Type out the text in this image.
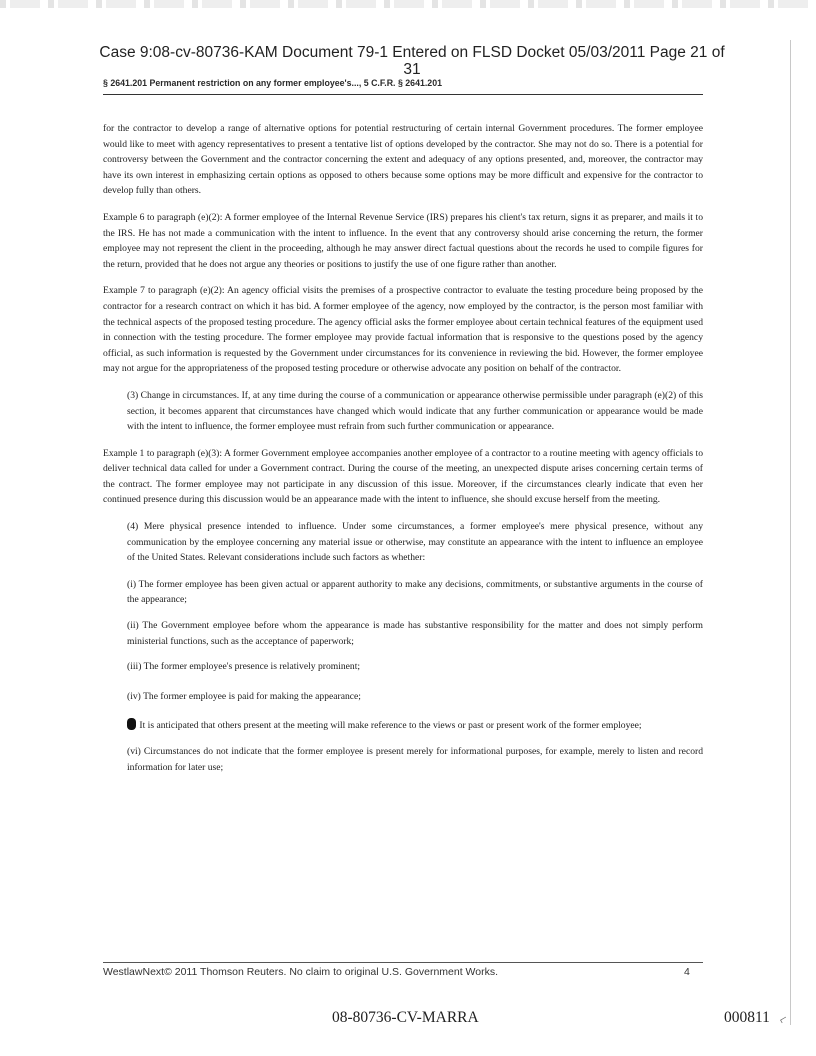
Case 9:08-cv-80736-KAM Document 79-1 Entered on FLSD Docket 05/03/2011 Page 21 of
31
§ 2641.201 Permanent restriction on any former employee's..., 5 C.F.R. § 2641.201

for the contractor to develop a range of alternative options for potential restructuring of certain internal Government procedures. The former employee would like to meet with agency representatives to present a tentative list of options developed by the contractor. She may not do so. There is a potential for controversy between the Government and the contractor concerning the extent and adequacy of any options presented, and, moreover, the contractor may have its own interest in emphasizing certain options as opposed to others because some options may be more difficult and expensive for the contractor to develop fully than others.

Example 6 to paragraph (e)(2): A former employee of the Internal Revenue Service (IRS) prepares his client's tax return, signs it as preparer, and mails it to the IRS. He has not made a communication with the intent to influence. In the event that any controversy should arise concerning the return, the former employee may not represent the client in the proceeding, although he may answer direct factual questions about the records he used to compile figures for the return, provided that he does not argue any theories or positions to justify the use of one figure rather than another.

Example 7 to paragraph (e)(2): An agency official visits the premises of a prospective contractor to evaluate the testing procedure being proposed by the contractor for a research contract on which it has bid. A former employee of the agency, now employed by the contractor, is the person most familiar with the technical aspects of the proposed testing procedure. The agency official asks the former employee about certain technical features of the equipment used in connection with the testing procedure. The former employee may provide factual information that is responsive to the questions posed by the agency official, as such information is requested by the Government under circumstances for its convenience in reviewing the bid. However, the former employee may not argue for the appropriateness of the proposed testing procedure or otherwise advocate any position on behalf of the contractor.

(3) Change in circumstances. If, at any time during the course of a communication or appearance otherwise permissible under paragraph (e)(2) of this section, it becomes apparent that circumstances have changed which would indicate that any further communication or appearance would be made with the intent to influence, the former employee must refrain from such further communication or appearance.

Example 1 to paragraph (e)(3): A former Government employee accompanies another employee of a contractor to a routine meeting with agency officials to deliver technical data called for under a Government contract. During the course of the meeting, an unexpected dispute arises concerning certain terms of the contract. The former employee may not participate in any discussion of this issue. Moreover, if the circumstances clearly indicate that even her continued presence during this discussion would be an appearance made with the intent to influence, she should excuse herself from the meeting.

(4) Mere physical presence intended to influence. Under some circumstances, a former employee's mere physical presence, without any communication by the employee concerning any material issue or otherwise, may constitute an appearance with the intent to influence an employee of the United States. Relevant considerations include such factors as whether:

(i) The former employee has been given actual or apparent authority to make any decisions, commitments, or substantive arguments in the course of the appearance;

(ii) The Government employee before whom the appearance is made has substantive responsibility for the matter and does not simply perform ministerial functions, such as the acceptance of paperwork;

(iii) The former employee's presence is relatively prominent;

(iv) The former employee is paid for making the appearance;

It is anticipated that others present at the meeting will make reference to the views or past or present work of the former employee;

(vi) Circumstances do not indicate that the former employee is present merely for informational purposes, for example, merely to listen and record information for later use;

WestlawNext© 2011 Thomson Reuters. No claim to original U.S. Government Works.	4
08-80736-CV-MARRA	000811 ⌐
